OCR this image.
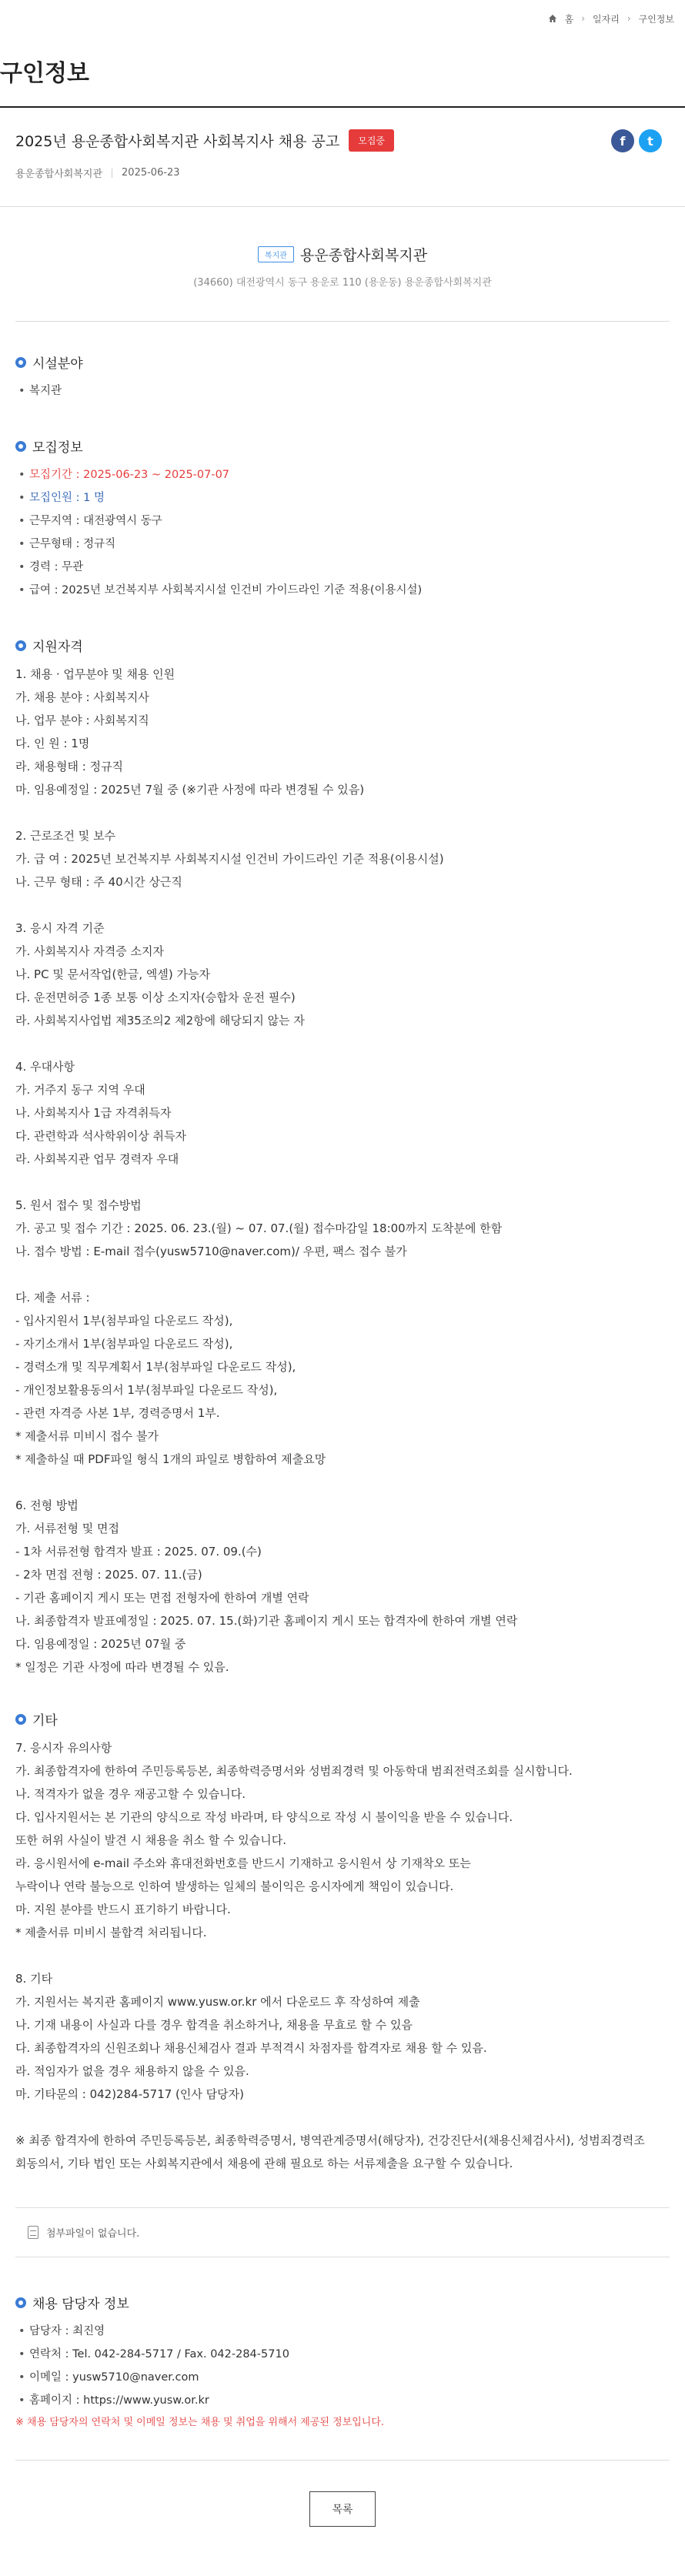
홈 › 일자리 › 구인정보
구인정보
2025년 용운종합사회복지관 사회복지사 채용 공고	모집중
용운종합사회복지관 2025-06-23
f	t
복지관 용운종합사회복지관
(34660) 대전광역시 동구 용운로 110 (용운동) 용운종합사회복지관
시설분야
• 복지관
모집정보
• 모집기간 : 2025-06-23 ~ 2025-07-07
• 모집인원 : 1 명
• 근무지역 : 대전광역시 동구
• 근무형태 : 정규직
• 경력 : 무관
• 급여 : 2025년 보건복지부 사회복지시설 인건비 가이드라인 기준 적용(이용시설)
지원자격

1. 채용 · 업무분야 및 채용 인원

가. 채용 분야 : 사회복지사

나. 업무 분야 : 사회복지직

다. 인 원 : 1명

라. 채용형태 : 정규직

마. 임용예정일 : 2025년 7월 중 (※기관 사정에 따라 변경될 수 있음)

2. 근로조건 및 보수

가. 급 여 : 2025년 보건복지부 사회복지시설 인건비 가이드라인 기준 적용(이용시설)

나. 근무 형태 : 주 40시간 상근직

3. 응시 자격 기준

가. 사회복지사 자격증 소지자

나. PC 및 문서작업(한글, 엑셀) 가능자

다. 운전면허증 1종 보통 이상 소지자(승합차 운전 필수)

라. 사회복지사업법 제35조의2 제2항에 해당되지 않는 자

4. 우대사항

가. 거주지 동구 지역 우대

나. 사회복지사 1급 자격취득자

다. 관련학과 석사학위이상 취득자

라. 사회복지관 업무 경력자 우대

5. 원서 접수 및 접수방법

가. 공고 및 접수 기간 : 2025. 06. 23.(월) ~ 07. 07.(월) 접수마감일 18:00까지 도착분에 한함

나. 접수 방법 : E-mail 접수(yusw5710@naver.com)/ 우편, 팩스 접수 불가

다. 제출 서류 :

- 입사지원서 1부(첨부파일 다운로드 작성),

- 자기소개서 1부(첨부파일 다운로드 작성),

- 경력소개 및 직무계획서 1부(첨부파일 다운로드 작성),

- 개인정보활용동의서 1부(첨부파일 다운로드 작성),

- 관련 자격증 사본 1부, 경력증명서 1부.

* 제출서류 미비시 접수 불가

* 제출하실 때 PDF파일 형식 1개의 파일로 병합하여 제출요망

6. 전형 방법

가. 서류전형 및 면접

- 1차 서류전형 합격자 발표 : 2025. 07. 09.(수)

- 2차 면접 전형 : 2025. 07. 11.(금)

- 기관 홈페이지 게시 또는 면접 전형자에 한하여 개별 연락

나. 최종합격자 발표예정일 : 2025. 07. 15.(화)기관 홈페이지 게시 또는 합격자에 한하여 개별 연락

다. 임용예정일 : 2025년 07월 중

* 일정은 기관 사정에 따라 변경될 수 있음.

기타

7. 응시자 유의사항

가. 최종합격자에 한하여 주민등록등본, 최종학력증명서와 성범죄경력 및 아동학대 범죄전력조회를 실시합니다.

나. 적격자가 없을 경우 재공고할 수 있습니다.

다. 입사지원서는 본 기관의 양식으로 작성 바라며, 타 양식으로 작성 시 불이익을 받을 수 있습니다.

또한 허위 사실이 발견 시 채용을 취소 할 수 있습니다.

라. 응시원서에 e-mail 주소와 휴대전화번호를 반드시 기재하고 응시원서 상 기재착오 또는

누락이나 연락 불능으로 인하여 발생하는 일체의 불이익은 응시자에게 책임이 있습니다.

마. 지원 분야를 반드시 표기하기 바랍니다.

* 제출서류 미비시 불합격 처리됩니다.

8. 기타

가. 지원서는 복지관 홈페이지 www.yusw.or.kr 에서 다운로드 후 작성하여 제출

나. 기재 내용이 사실과 다를 경우 합격을 취소하거나, 채용을 무효로 할 수 있음

다. 최종합격자의 신원조회나 채용신체검사 결과 부적격시 차점자를 합격자로 채용 할 수 있음.

라. 적임자가 없을 경우 채용하지 않을 수 있음.

마. 기타문의 : 042)284-5717 (인사 담당자)

※ 최종 합격자에 한하여 주민등록등본, 최종학력증명서, 병역관계증명서(해당자), 건강진단서(채용신체검사서), 성범죄경력조

회동의서, 기타 법인 또는 사회복지관에서 채용에 관해 필요로 하는 서류제출을 요구할 수 있습니다.

첨부파일이 없습니다.
채용 담당자 정보
• 담당자 : 최진영
• 연락처 : Tel. 042-284-5717 / Fax. 042-284-5710
• 이메일 : yusw5710@naver.com
• 홈페이지 : https://www.yusw.or.kr
※ 채용 담당자의 연락처 및 이메일 정보는 채용 및 취업을 위해서 제공된 정보입니다.
목록
